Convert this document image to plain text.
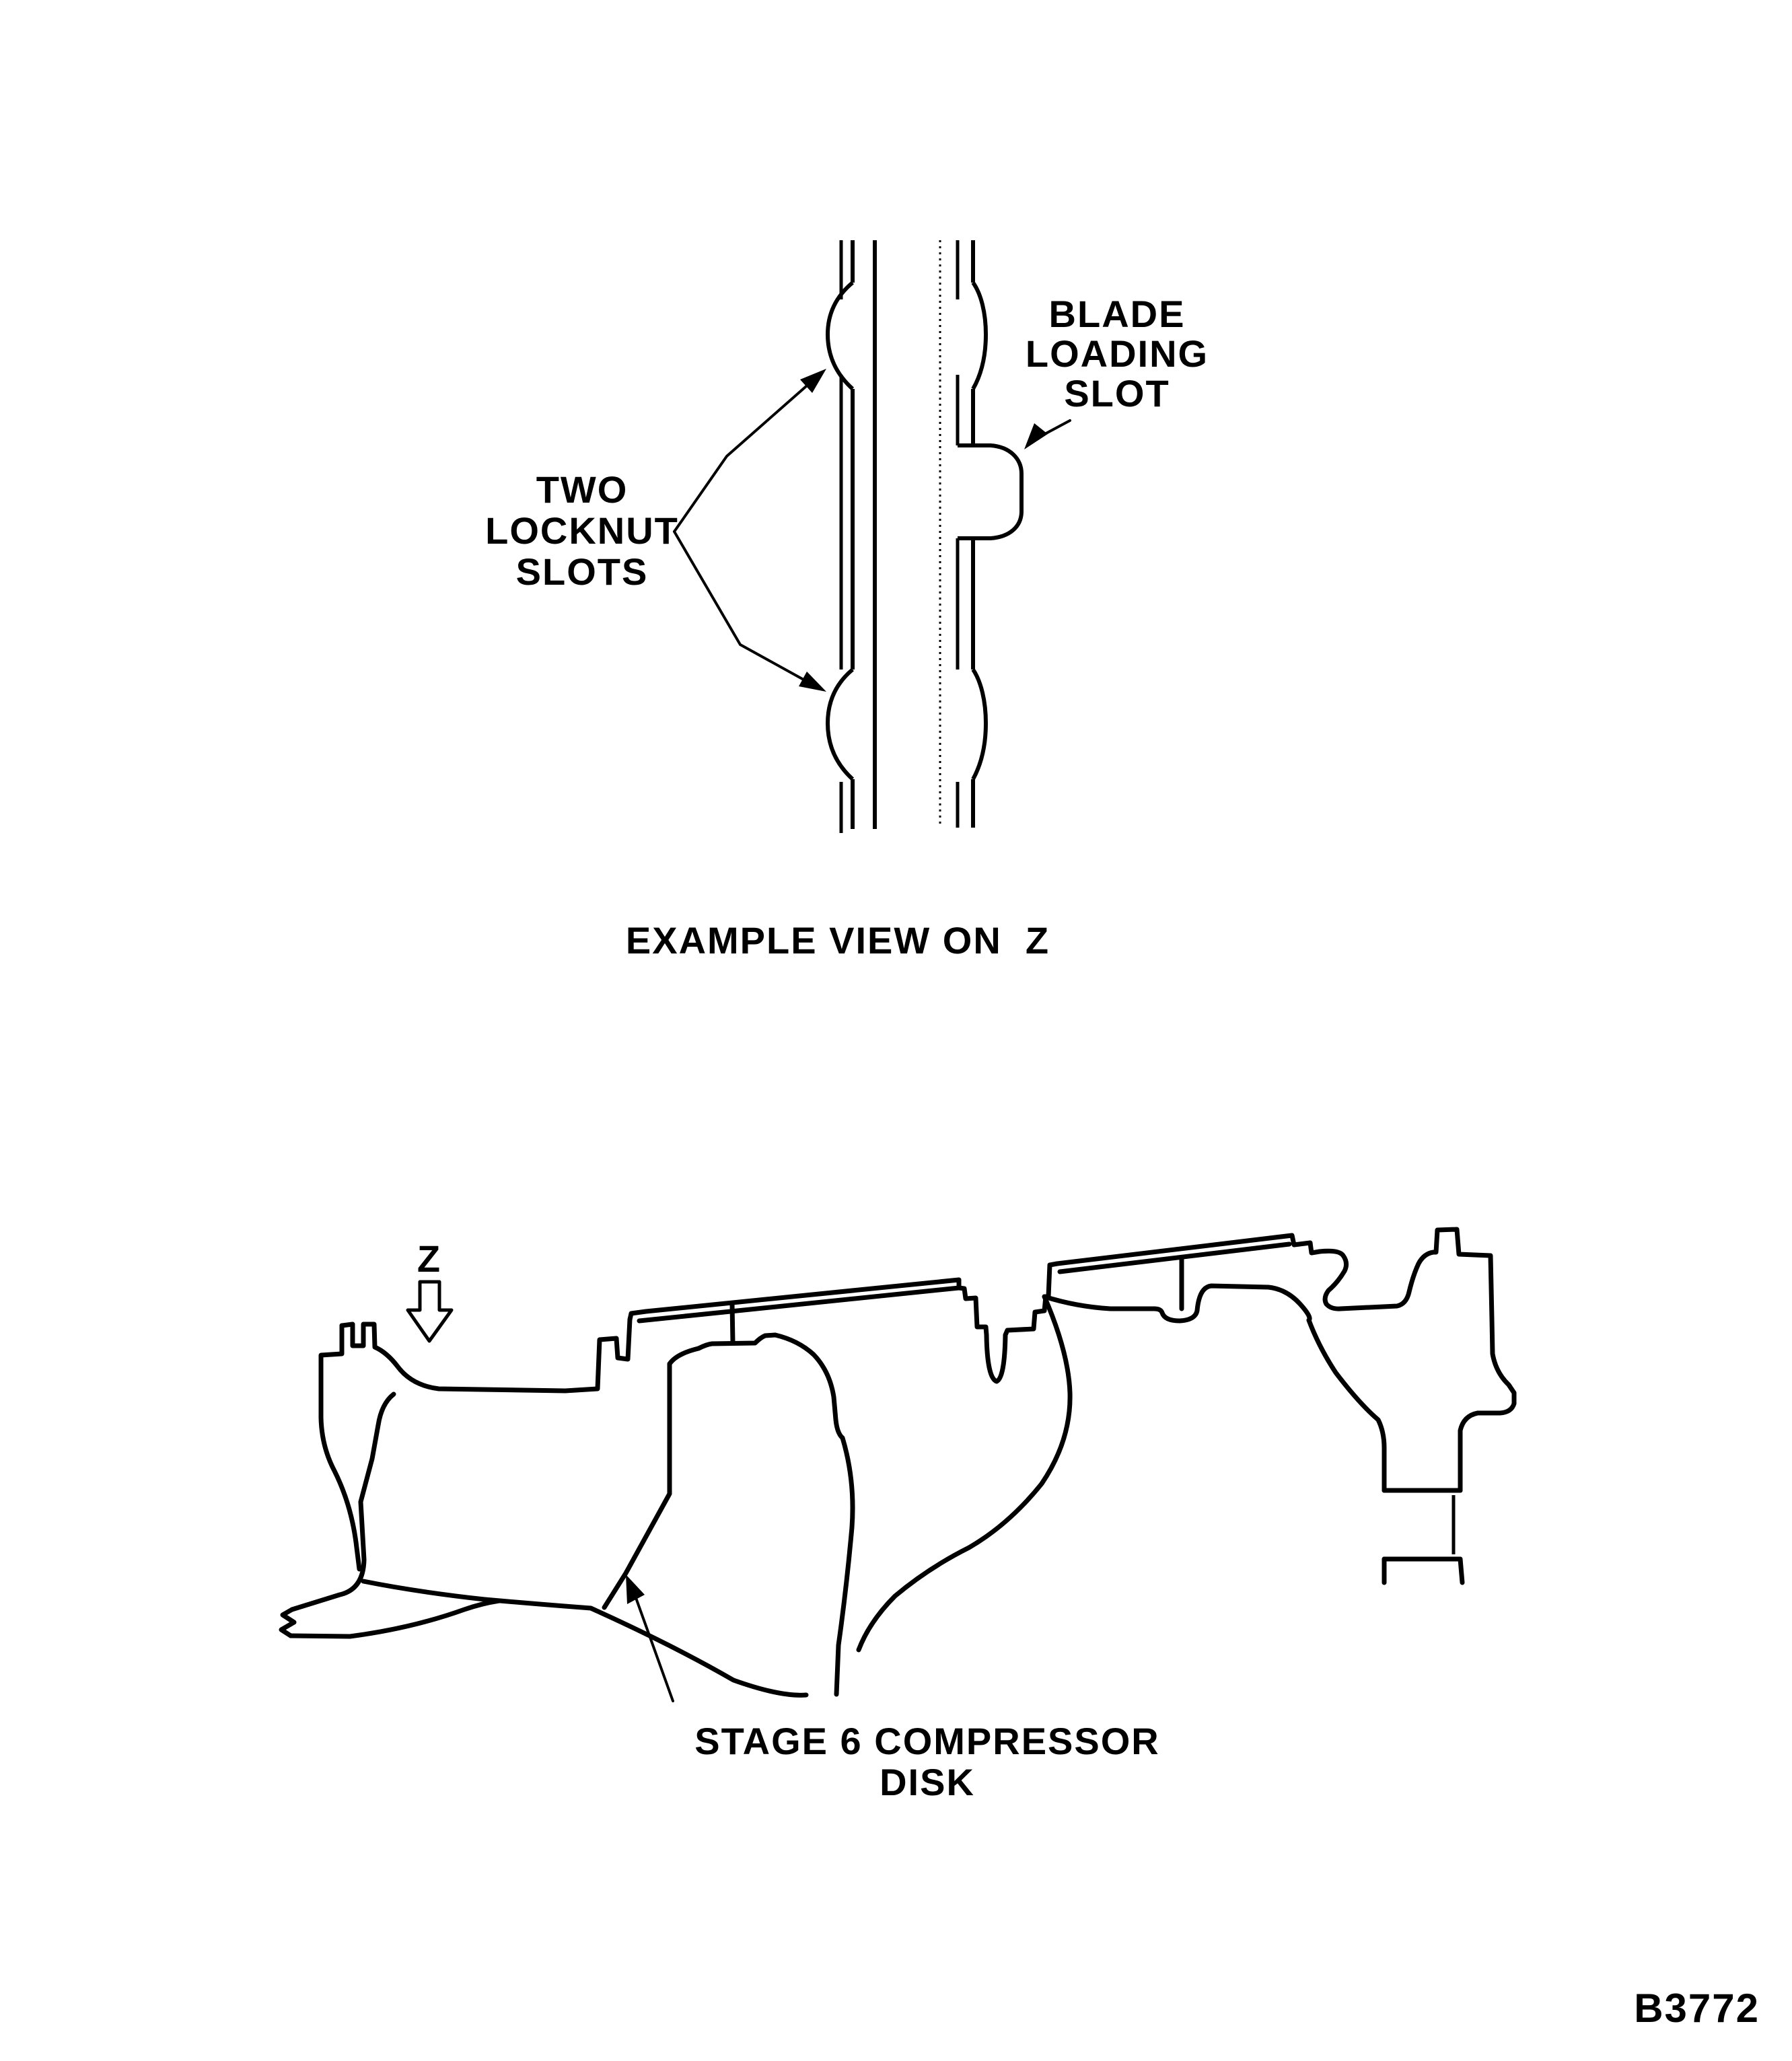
TWO
LOCKNUT
SLOTS
BLADE
LOADING
SLOT
EXAMPLE VIEW ON  Z
Z
STAGE 6 COMPRESSOR
DISK
B3772
